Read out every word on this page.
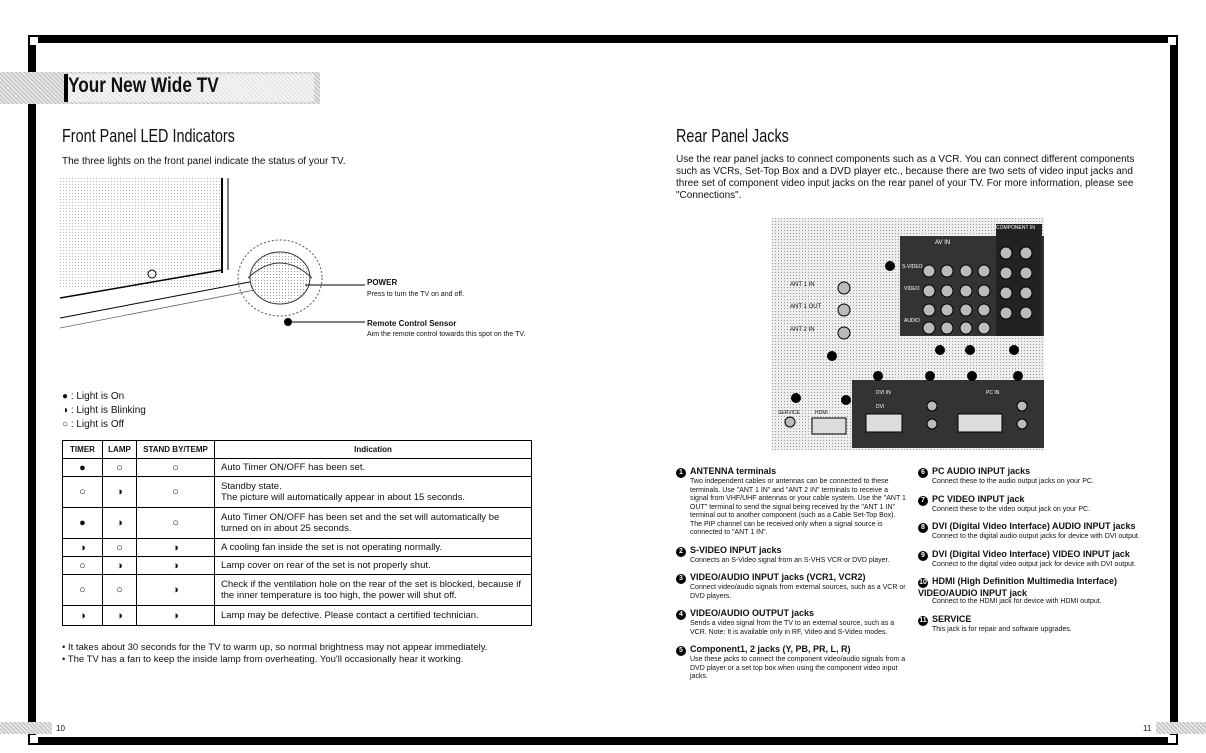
Your New Wide TV
Front Panel LED Indicators
The three lights on the front panel indicate the status of your TV.
POWER
Press to turn the TV on and off.
Remote Control Sensor
Aim the remote control towards this spot on the TV.
● : Light is On
◑ : Light is Blinking
○ : Light is Off
TIMER	LAMP	STAND BY/TEMP	Indication
●	○	○	Auto Timer ON/OFF has been set.
○	◑	○	Standby state.
The picture will automatically appear in about 15 seconds.
●	◑	○	Auto Timer ON/OFF has been set and the set will automatically be turned on in about 25 seconds.
◑	○	◑	A cooling fan inside the set is not operating normally.
○	◑	◑	Lamp cover on rear of the set is not properly shut.
○	○	◑	Check if the ventilation hole on the rear of the set is blocked, because if the inner temperature is too high, the power will shut off.
◑	◑	◑	Lamp may be defective. Please contact a certified technician.
• It takes about 30 seconds for the TV to warm up, so normal brightness may not appear immediately.
• The TV has a fan to keep the inside lamp from overheating. You'll occasionally hear it working.
10	11
Rear Panel Jacks
Use the rear panel jacks to connect components such as a VCR. You can connect different components such as VCRs, Set-Top Box and a DVD player etc., because there are two sets of video input jacks and three set of component video input jacks on the rear panel of your TV. For more information, please see "Connections".
1 ANTENNA terminals
Two independent cables or antennas can be connected to these terminals. Use "ANT 1 IN" and "ANT 2 IN" terminals to receive a signal from VHF/UHF antennas or your cable system. Use the "ANT 1 OUT" terminal to send the signal being received by the "ANT 1 IN" terminal out to another component (such as a Cable Set-Top Box). The PIP channel can be received only when a signal source is connected to "ANT 1 IN".
2 S-VIDEO INPUT jacks
Connects an S-Video signal from an S-VHS VCR or DVD player.
3 VIDEO/AUDIO INPUT jacks (VCR1, VCR2)
Connect video/audio signals from external sources, such as a VCR or DVD players.
4 VIDEO/AUDIO OUTPUT jacks
Sends a video signal from the TV to an external source, such as a VCR. Note: It is available only in RF, Video and S-Video modes.
5 Component1, 2 jacks (Y, PB, PR, L, R)
Use these jacks to connect the component video/audio signals from a DVD player or a set top box when using the component video input jacks.
6 PC AUDIO INPUT jacks
Connect these to the audio output jacks on your PC.
7 PC VIDEO INPUT jack
Connect these to the video output jack on your PC.
8 DVI (Digital Video Interface) AUDIO INPUT jacks
Connect to the digital audio output jacks for device with DVI output.
9 DVI (Digital Video Interface) VIDEO INPUT jack
Connect to the digital video output jack for device with DVI output.
10 HDMI (High Definition Multimedia Interface) VIDEO/AUDIO INPUT jack
Connect to the HDMI jack for device with HDMI output.
11 SERVICE
This jack is for repair and software upgrades.
ANT 1 IN
ANT 1 OUT
ANT 2 IN
AV IN
COMPONENT IN
S-VIDEO
VIDEO
AUDIO
DVI IN	PC IN
DVI
HDMI
SERVICE
